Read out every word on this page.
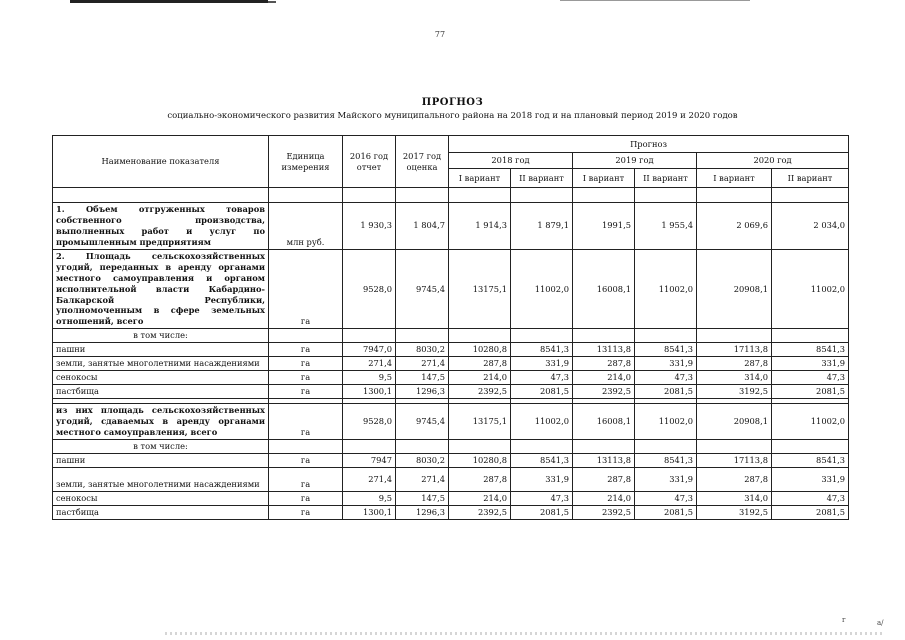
77
ПРОГНОЗ
социально-экономического развития Майского муниципального района на 2018 год и на плановый период 2019 и 2020 годов
Наименование показателя	Единица измерения	2016 год отчет	2017 год оценка	Прогноз					
				2018 год		2019 год		2020 год	
				I вариант	II вариант	I вариант	II вариант	I вариант	II вариант

1. Объем отгруженных товаров собственного производства, выполненных работ и услуг по промышленным предприятиям	млн руб.	1 930,3	1 804,7	1 914,3	1 879,1	1991,5	1 955,4	2 069,6	2 034,0
2. Площадь сельскохозяйственных угодий, переданных в аренду органами местного самоуправления и органом исполнительной власти Кабардино-Балкарской Республики, уполномоченным в сфере земельных отношений, всего	га	9528,0	9745,4	13175,1	11002,0	16008,1	11002,0	20908,1	11002,0
в том числе:									
пашни	га	7947,0	8030,2	10280,8	8541,3	13113,8	8541,3	17113,8	8541,3
земли, занятые многолетними насаждениями	га	271,4	271,4	287,8	331,9	287,8	331,9	287,8	331,9
сенокосы	га	9,5	147,5	214,0	47,3	214,0	47,3	314,0	47,3
пастбища	га	1300,1	1296,3	2392,5	2081,5	2392,5	2081,5	3192,5	2081,5

из них площадь сельскохозяйственных угодий, сдаваемых в аренду органами местного самоуправления, всего	га	9528,0	9745,4	13175,1	11002,0	16008,1	11002,0	20908,1	11002,0
в том числе:									
пашни	га	7947	8030,2	10280,8	8541,3	13113,8	8541,3	17113,8	8541,3
земли, занятые многолетними насаждениями	га	271,4	271,4	287,8	331,9	287,8	331,9	287,8	331,9
сенокосы	га	9,5	147,5	214,0	47,3	214,0	47,3	314,0	47,3
пастбища	га	1300,1	1296,3	2392,5	2081,5	2392,5	2081,5	3192,5	2081,5
r	a/
